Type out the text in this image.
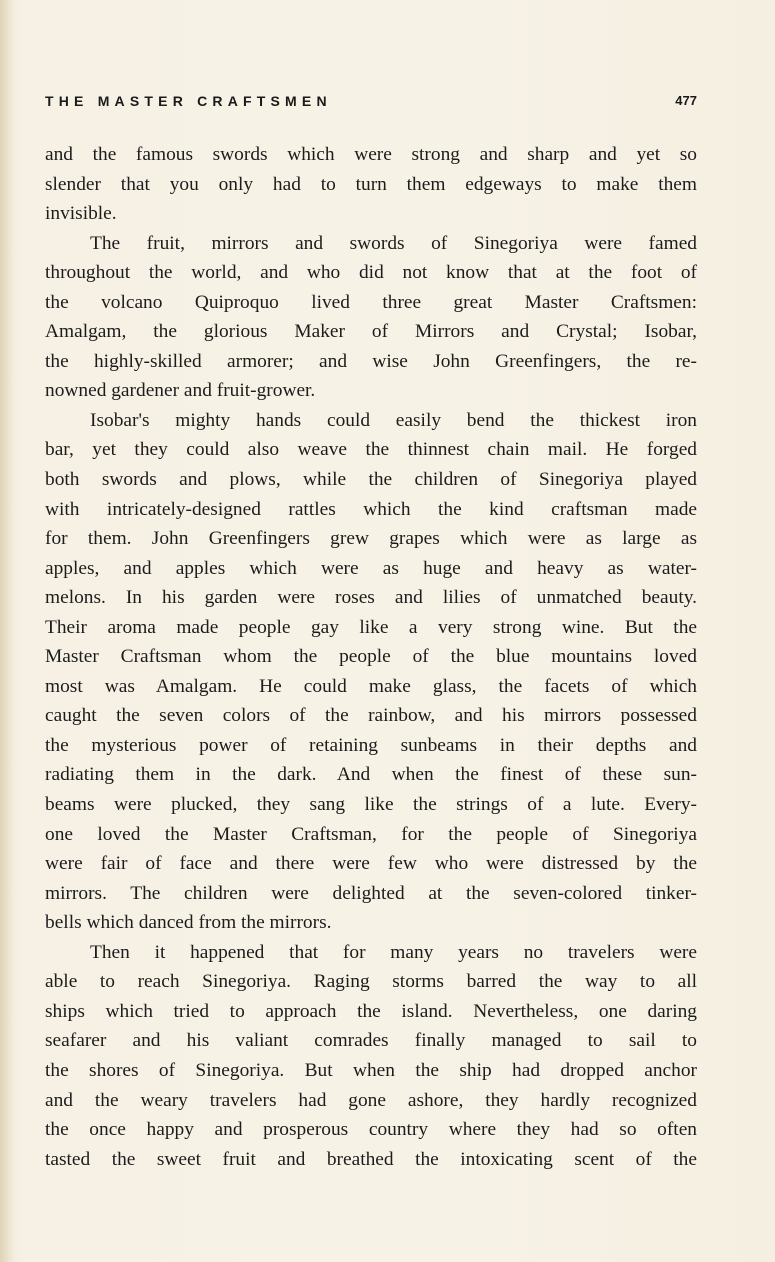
THE MASTER CRAFTSMEN	477
and the famous swords which were strong and sharp and yet so
slender that you only had to turn them edgeways to make them
invisible.
The fruit, mirrors and swords of Sinegoriya were famed
throughout the world, and who did not know that at the foot of
the volcano Quiproquo lived three great Master Craftsmen:
Amalgam, the glorious Maker of Mirrors and Crystal; Isobar,
the highly-skilled armorer; and wise John Greenfingers, the re-
nowned gardener and fruit-grower.
Isobar's mighty hands could easily bend the thickest iron
bar, yet they could also weave the thinnest chain mail. He forged
both swords and plows, while the children of Sinegoriya played
with intricately-designed rattles which the kind craftsman made
for them. John Greenfingers grew grapes which were as large as
apples, and apples which were as huge and heavy as water-
melons. In his garden were roses and lilies of unmatched beauty.
Their aroma made people gay like a very strong wine. But the
Master Craftsman whom the people of the blue mountains loved
most was Amalgam. He could make glass, the facets of which
caught the seven colors of the rainbow, and his mirrors possessed
the mysterious power of retaining sunbeams in their depths and
radiating them in the dark. And when the finest of these sun-
beams were plucked, they sang like the strings of a lute. Every-
one loved the Master Craftsman, for the people of Sinegoriya
were fair of face and there were few who were distressed by the
mirrors. The children were delighted at the seven-colored tinker-
bells which danced from the mirrors.
Then it happened that for many years no travelers were
able to reach Sinegoriya. Raging storms barred the way to all
ships which tried to approach the island. Nevertheless, one daring
seafarer and his valiant comrades finally managed to sail to
the shores of Sinegoriya. But when the ship had dropped anchor
and the weary travelers had gone ashore, they hardly recognized
the once happy and prosperous country where they had so often
tasted the sweet fruit and breathed the intoxicating scent of the
